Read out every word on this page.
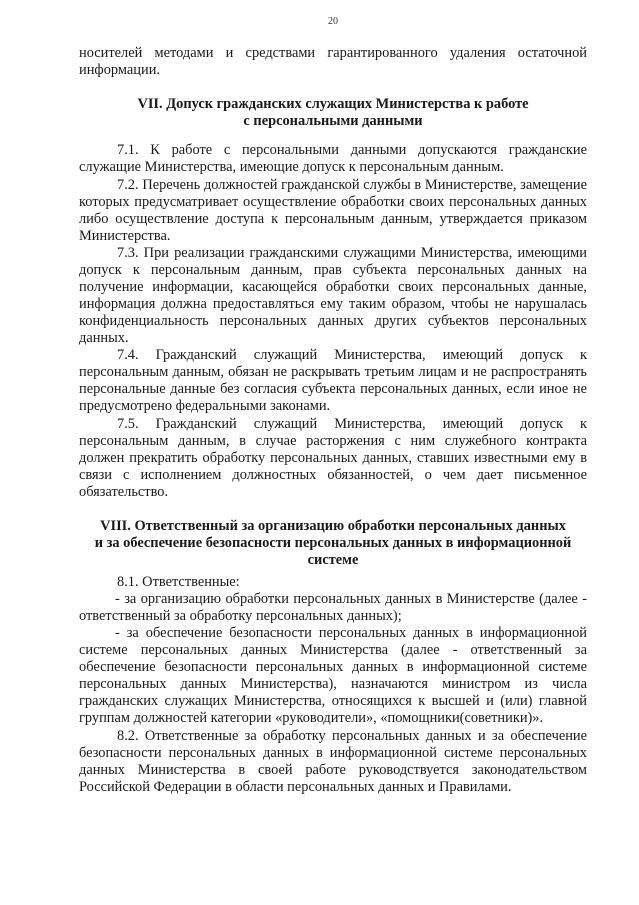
20

носителей методами и средствами гарантированного удаления остаточной информации.

VII. Допуск гражданских служащих Министерства к работе
с персональными данными

7.1. К работе с персональными данными допускаются гражданские служащие Министерства, имеющие допуск к персональным данным.

7.2. Перечень должностей гражданской службы в Министерстве, замещение которых предусматривает осуществление обработки своих персональных данных либо осуществление доступа к персональным данным, утверждается приказом Министерства.

7.3. При реализации гражданскими служащими Министерства, имеющими допуск к персональным данным, прав субъекта персональных данных на получение информации, касающейся обработки своих персональных данные, информация должна предоставляться ему таким образом, чтобы не нарушалась конфиденциальность персональных данных других субъектов персональных данных.

7.4. Гражданский служащий Министерства, имеющий допуск к персональным данным, обязан не раскрывать третьим лицам и не распространять персональные данные без согласия субъекта персональных данных, если иное не предусмотрено федеральными законами.

7.5. Гражданский служащий Министерства, имеющий допуск к персональным данным, в случае расторжения с ним служебного контракта должен прекратить обработку персональных данных, ставших известными ему в связи с исполнением должностных обязанностей, о чем дает письменное обязательство.

VIII. Ответственный за организацию обработки персональных данных
и за обеспечение безопасности персональных данных в информационной
системе

8.1. Ответственные:

- за организацию обработки персональных данных в Министерстве (далее - ответственный за обработку персональных данных);

- за обеспечение безопасности персональных данных в информационной системе персональных данных Министерства (далее - ответственный за обеспечение безопасности персональных данных в информационной системе персональных данных Министерства), назначаются министром из числа гражданских служащих Министерства, относящихся к высшей и (или) главной группам должностей категории «руководители», «помощники(советники)».

8.2. Ответственные за обработку персональных данных и за обеспечение безопасности персональных данных в информационной системе персональных данных Министерства в своей работе руководствуется законодательством Российской Федерации в области персональных данных и Правилами.
